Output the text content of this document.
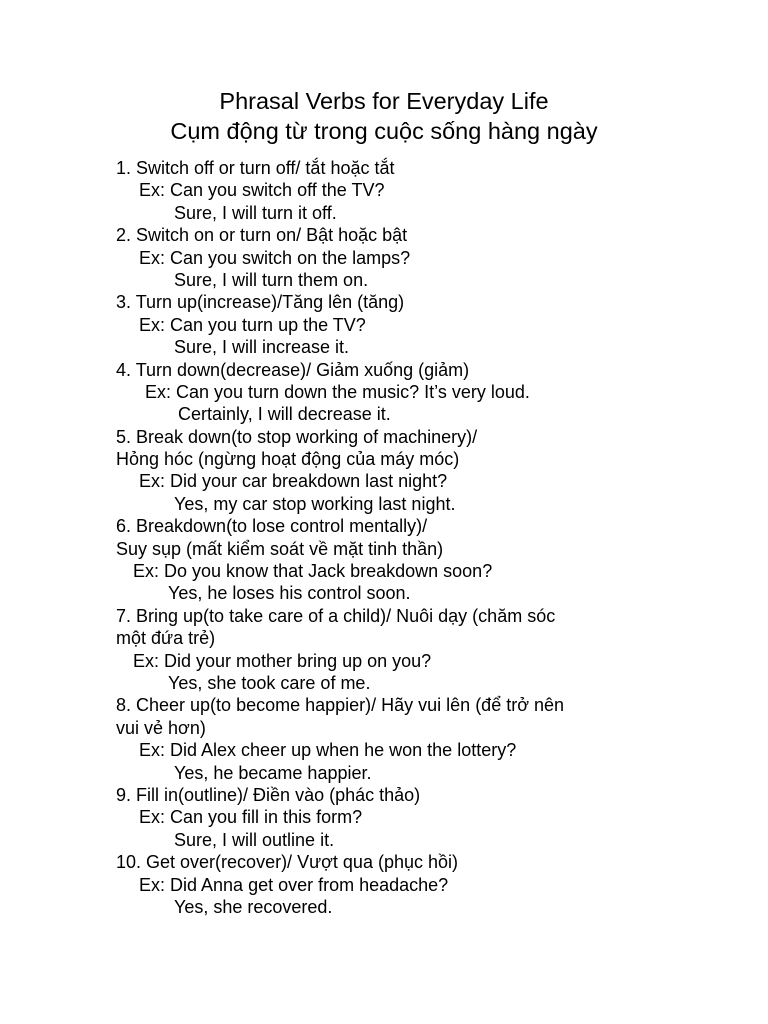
Phrasal Verbs for Everyday Life
Cụm động từ trong cuộc sống hàng ngày
1. Switch off or turn off/ tắt hoặc tắt
Ex: Can you switch off the TV?
Sure, I will turn it off.
2. Switch on or turn on/ Bật hoặc bật
Ex: Can you switch on the lamps?
Sure, I will turn them on.
3. Turn up(increase)/Tăng lên (tăng)
Ex: Can you turn up the TV?
Sure, I will increase it.
4. Turn down(decrease)/ Giảm xuống (giảm)
Ex: Can you turn down the music? It’s very loud.
Certainly, I will decrease it.
5. Break down(to stop working of machinery)/
Hỏng hóc (ngừng hoạt động của máy móc)
Ex: Did your car breakdown last night?
Yes, my car stop working last night.
6. Breakdown(to lose control mentally)/
Suy sụp (mất kiểm soát về mặt tinh thần)
Ex: Do you know that Jack breakdown soon?
Yes, he loses his control soon.
7. Bring up(to take care of a child)/ Nuôi dạy (chăm sóc
một đứa trẻ)
Ex: Did your mother bring up on you?
Yes, she took care of me.
8. Cheer up(to become happier)/ Hãy vui lên (để trở nên
vui vẻ hơn)
Ex: Did Alex cheer up when he won the lottery?
Yes, he became happier.
9. Fill in(outline)/ Điền vào (phác thảo)
Ex: Can you fill in this form?
Sure, I will outline it.
10. Get over(recover)/ Vượt qua (phục hồi)
Ex: Did Anna get over from headache?
Yes, she recovered.
